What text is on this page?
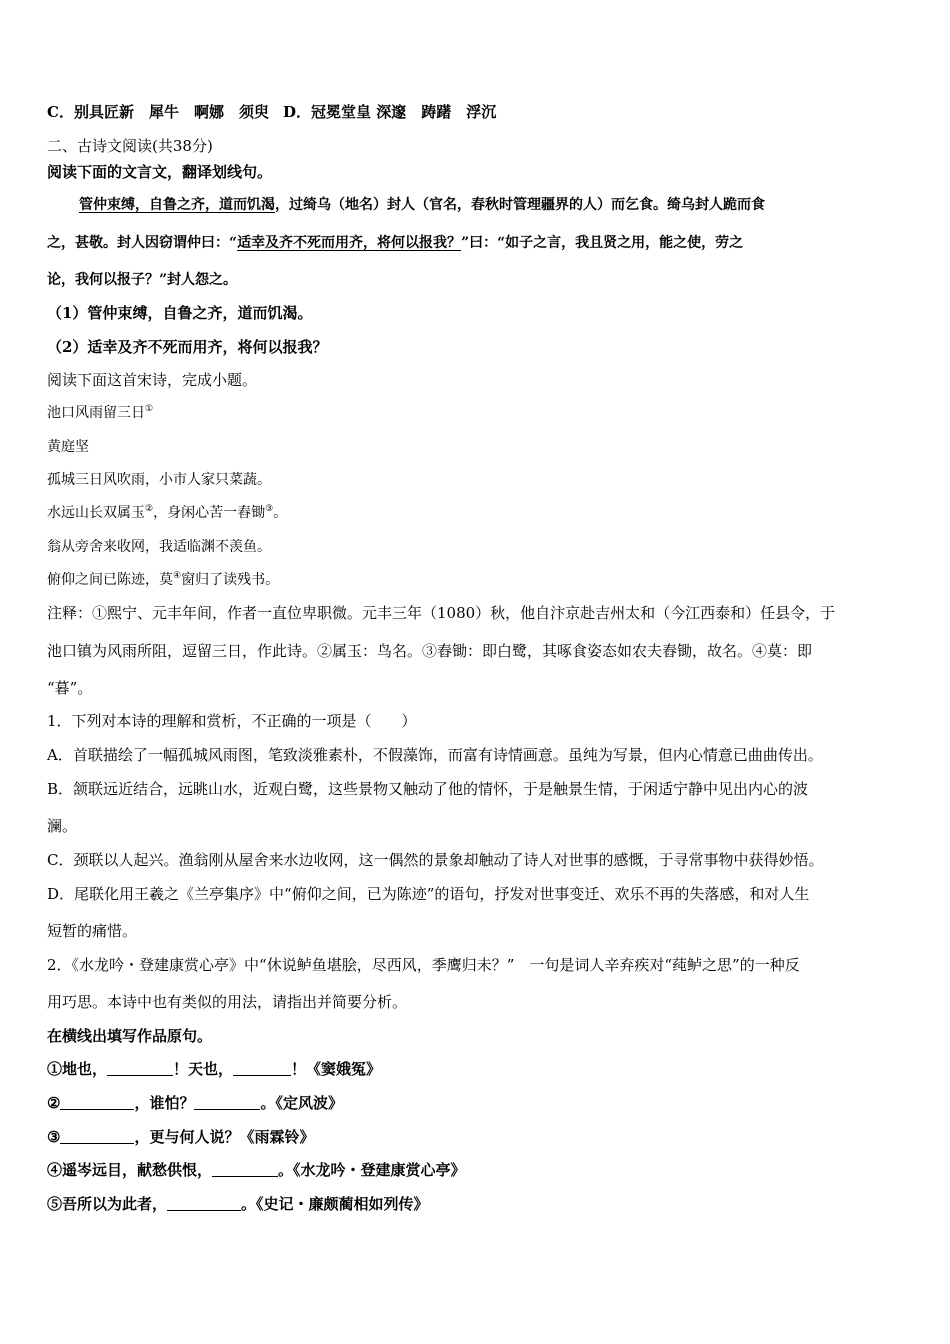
C．别具匠新　犀牛　啊娜　须臾 D．冠冕堂皇 深邃　踌躇　浮沉
二、古诗文阅读(共38分)
阅读下面的文言文，翻译划线句。
管仲束缚，自鲁之齐，道而饥渴，过绮乌（地名）封人（官名，春秋时管理疆界的人）而乞食。绮乌封人跪而食
之，甚敬。封人因窃谓仲曰：“适幸及齐不死而用齐，将何以报我？”曰：“如子之言，我且贤之用，能之使，劳之
论，我何以报子？”封人怨之。
（1）管仲束缚，自鲁之齐，道而饥渴。
（2）适幸及齐不死而用齐，将何以报我？
阅读下面这首宋诗，完成小题。
池口风雨留三日①
黄庭坚
孤城三日风吹雨，小市人家只菜蔬。
水远山长双属玉②，身闲心苦一舂锄③。
翁从旁舍来收网，我适临渊不羡鱼。
俯仰之间已陈迹，莫④窗归了读残书。
注释：①熙宁、元丰年间，作者一直位卑职微。元丰三年（1080）秋，他自汴京赴吉州太和（今江西泰和）任县令，于
池口镇为风雨所阻，逗留三日，作此诗。②属玉：鸟名。③舂锄：即白鹭，其啄食姿态如农夫舂锄，故名。④莫：即
“暮”。
1．下列对本诗的理解和赏析，不正确的一项是（　　）
A．首联描绘了一幅孤城风雨图，笔致淡雅素朴，不假藻饰，而富有诗情画意。虽纯为写景，但内心情意已曲曲传出。
B．颔联远近结合，远眺山水，近观白鹭，这些景物又触动了他的情怀，于是触景生情，于闲适宁静中见出内心的波
澜。
C．颈联以人起兴。渔翁刚从屋舍来水边收网，这一偶然的景象却触动了诗人对世事的感慨，于寻常事物中获得妙悟。
D．尾联化用王羲之《兰亭集序》中“俯仰之间，已为陈迹”的语句，抒发对世事变迁、欢乐不再的失落感，和对人生
短暂的痛惜。
2．《水龙吟・登建康赏心亭》中“休说鲈鱼堪脍，尽西风，季鹰归未？”　一句是词人辛弃疾对“莼鲈之思”的一种反
用巧思。本诗中也有类似的用法，请指出并简要分析。
在横线出填写作品原句。
①地也，	！天也，	！《窦娥冤》
②	，谁怕？	。《定风波》
③	，更与何人说？《雨霖铃》
④遥岑远目，献愁供恨，	。《水龙吟・登建康赏心亭》
⑤吾所以为此者，	。《史记・廉颇蔺相如列传》
